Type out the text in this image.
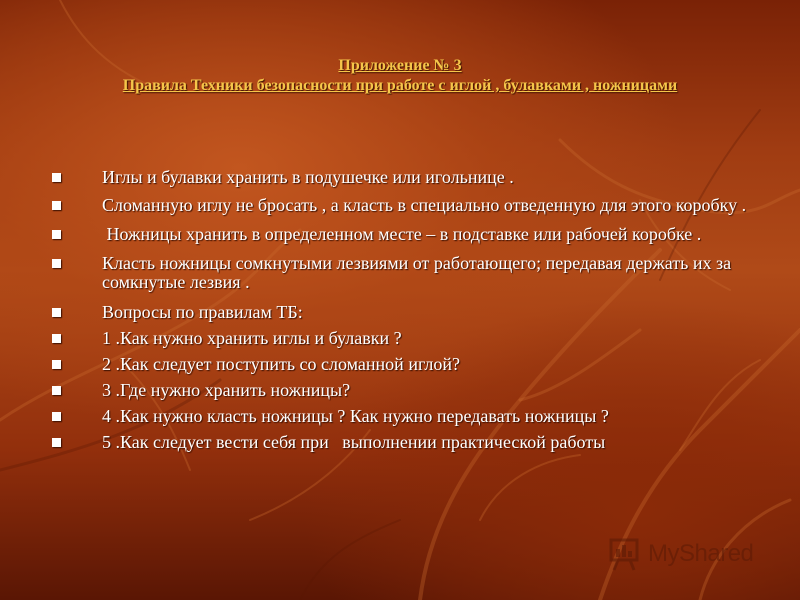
Приложение № 3
Правила Техники безопасности при работе с иглой , булавками , ножницами
Иглы и булавки хранить в подушечке или игольнице .
Сломанную иглу не бросать , а класть в специально отведенную для этого коробку .
Ножницы хранить в определенном месте – в подставке или рабочей коробке .
Класть ножницы сомкнутыми лезвиями от работающего; передавая держать их за сомкнутые лезвия .
Вопросы по правилам ТБ:
1 .Как нужно хранить иглы и булавки ?
2 .Как следует поступить со сломанной иглой?
3 .Где нужно хранить ножницы?
4 .Как нужно класть ножницы ? Как нужно передавать ножницы ?
5 .Как следует вести себя при   выполнении практической работы
MyShared
